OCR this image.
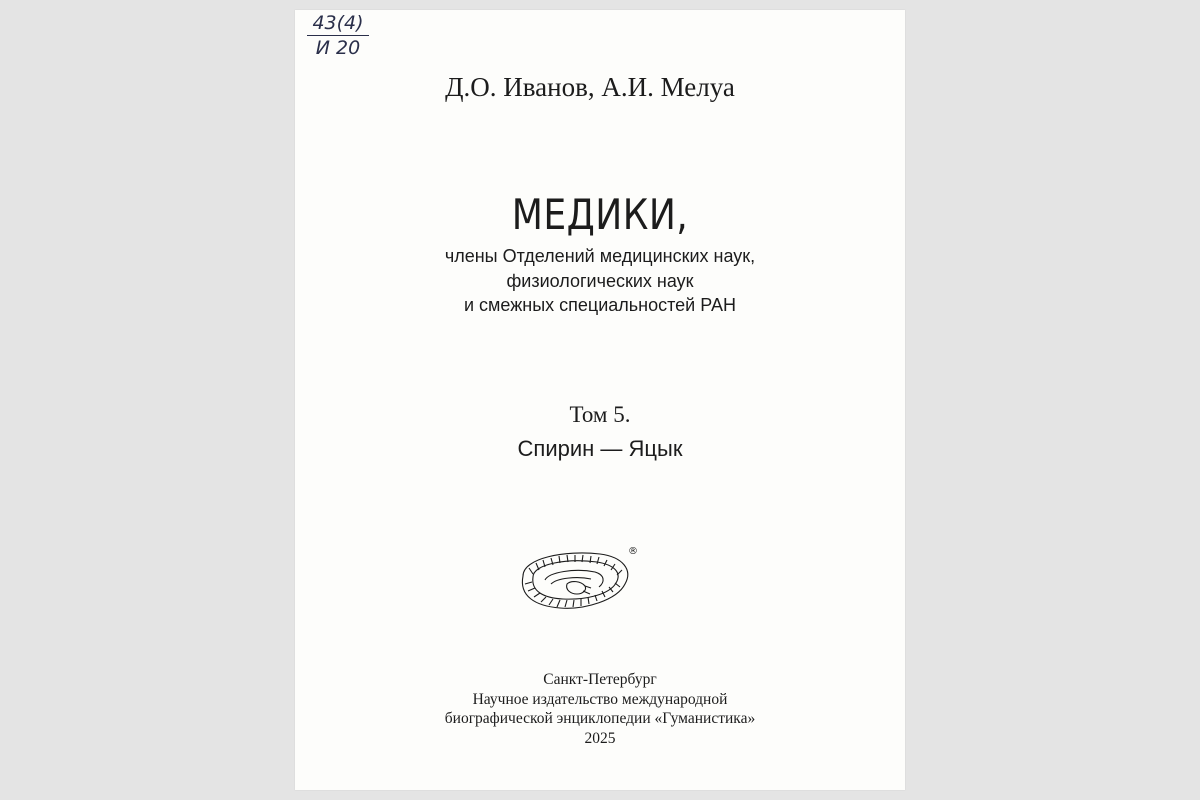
43(4)
И 20
Д.О. Иванов, А.И. Мелуа
МЕДИКИ,
члены Отделений медицинских наук,
физиологических наук
и смежных специальностей РАН
Том 5.
Спирин — Яцык
®
Санкт-Петербург
Научное издательство международной
биографической энциклопедии «Гуманистика»
2025
